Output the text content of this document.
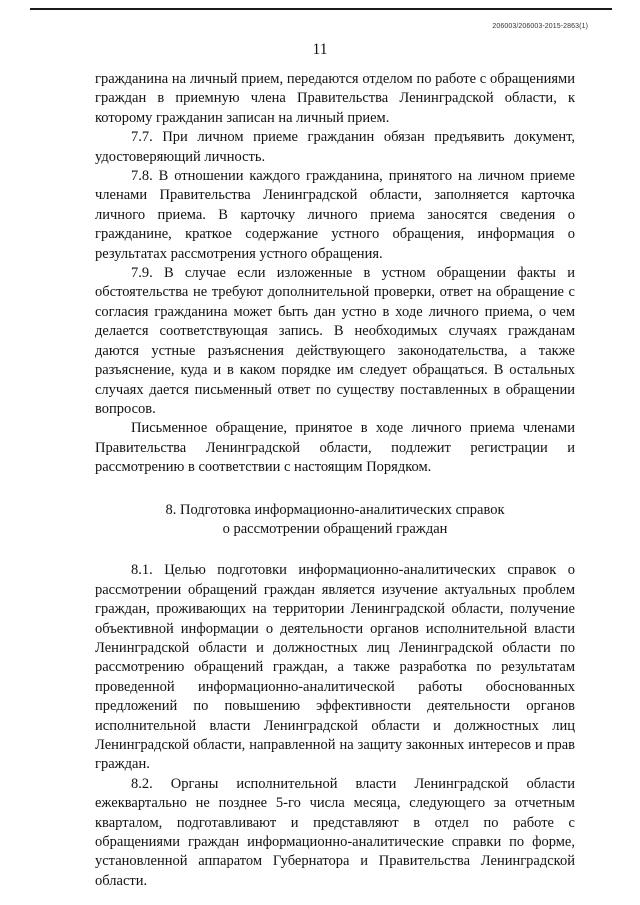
206003/206003-2015-2863(1)
11

гражданина на личный прием, передаются отделом по работе с обращениями граждан в приемную члена Правительства Ленинградской области, к которому гражданин записан на личный прием.

7.7. При личном приеме гражданин обязан предъявить документ, удостоверяющий личность.

7.8. В отношении каждого гражданина, принятого на личном приеме членами Правительства Ленинградской области, заполняется карточка личного приема. В карточку личного приема заносятся сведения о гражданине, краткое содержание устного обращения, информация о результатах рассмотрения устного обращения.

7.9. В случае если изложенные в устном обращении факты и обстоятельства не требуют дополнительной проверки, ответ на обращение с согласия гражданина может быть дан устно в ходе личного приема, о чем делается соответствующая запись. В необходимых случаях гражданам даются устные разъяснения действующего законодательства, а также разъяснение, куда и в каком порядке им следует обращаться. В остальных случаях дается письменный ответ по существу поставленных в обращении вопросов.

Письменное обращение, принятое в ходе личного приема членами Правительства Ленинградской области, подлежит регистрации и рассмотрению в соответствии с настоящим Порядком.

8. Подготовка информационно-аналитических справок
о рассмотрении обращений граждан

8.1. Целью подготовки информационно-аналитических справок о рассмотрении обращений граждан является изучение актуальных проблем граждан, проживающих на территории Ленинградской области, получение объективной информации о деятельности органов исполнительной власти Ленинградской области и должностных лиц Ленинградской области по рассмотрению обращений граждан, а также разработка по результатам проведенной информационно-аналитической работы обоснованных предложений по повышению эффективности деятельности органов исполнительной власти Ленинградской области и должностных лиц Ленинградской области, направленной на защиту законных интересов и прав граждан.

8.2. Органы исполнительной власти Ленинградской области ежеквартально не позднее 5-го числа месяца, следующего за отчетным кварталом, подготавливают и представляют в отдел по работе с обращениями граждан информационно-аналитические справки по форме, установленной аппаратом Губернатора и Правительства Ленинградской области.
